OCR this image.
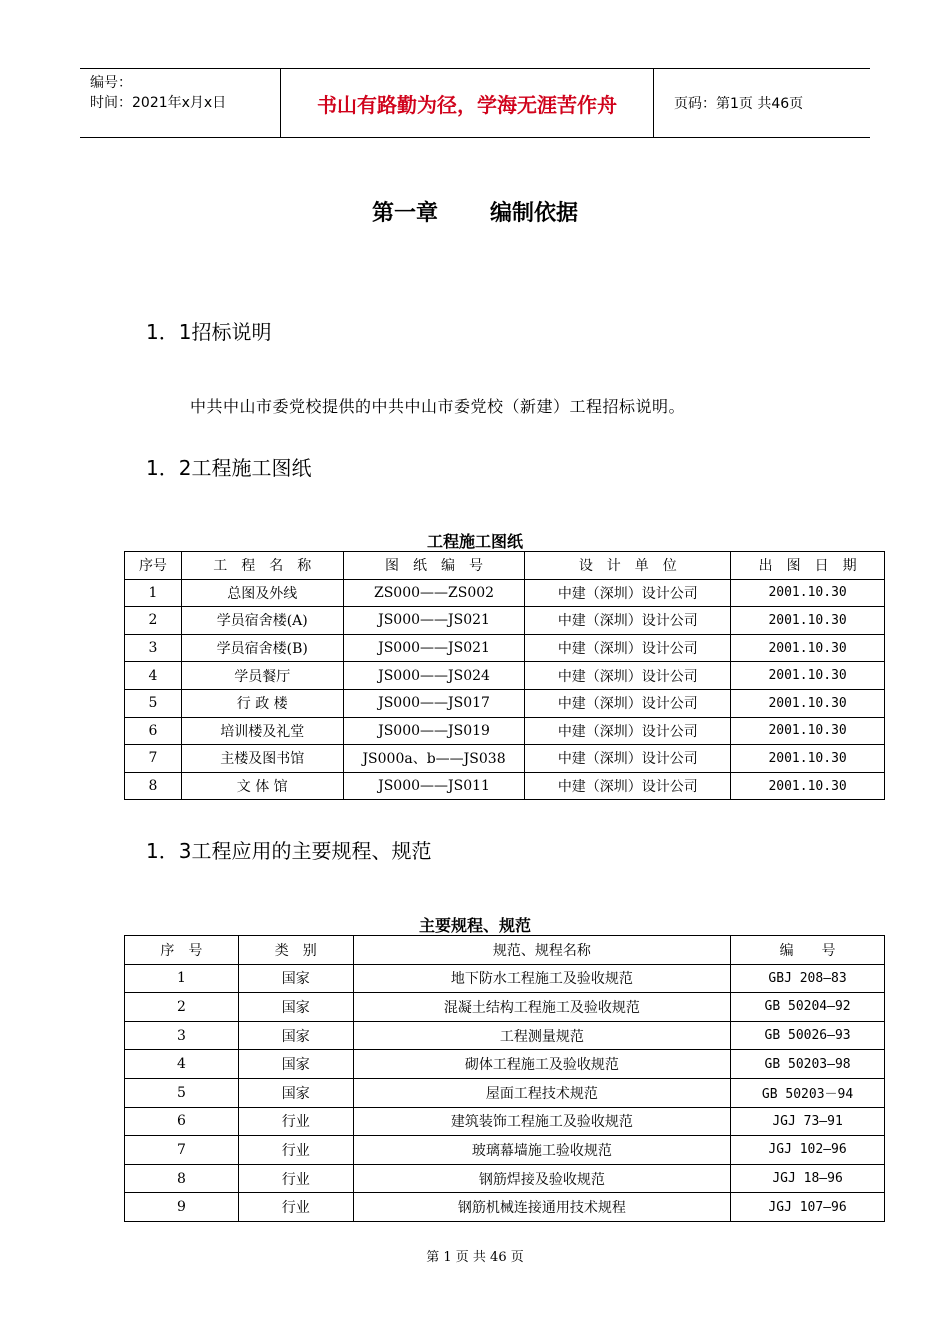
编号：
时间：2021年x月x日	书山有路勤为径，学海无涯苦作舟	页码：第1页 共46页
第一章 编制依据
1．1招标说明
中共中山市委党校提供的中共中山市委党校（新建）工程招标说明。
1．2工程施工图纸
工程施工图纸
序号	工　程　名　称	图　纸　编　号	设　计　单　位	出　图　日　期
1	总图及外线	ZS000——ZS002	中建（深圳）设计公司	2001.10.30
2	学员宿舍楼(A)	JS000——JS021	中建（深圳）设计公司	2001.10.30
3	学员宿舍楼(B)	JS000——JS021	中建（深圳）设计公司	2001.10.30
4	学员餐厅	JS000——JS024	中建（深圳）设计公司	2001.10.30
5	行 政 楼	JS000——JS017	中建（深圳）设计公司	2001.10.30
6	培训楼及礼堂	JS000——JS019	中建（深圳）设计公司	2001.10.30
7	主楼及图书馆	JS000a、b——JS038	中建（深圳）设计公司	2001.10.30
8	文 体 馆	JS000——JS011	中建（深圳）设计公司	2001.10.30
1．3工程应用的主要规程、规范
主要规程、规范
序　号	类　别	规范、规程名称	编　　号
1	国家	地下防水工程施工及验收规范	GBJ 208—83
2	国家	混凝土结构工程施工及验收规范	GB 50204—92
3	国家	工程测量规范	GB 50026—93
4	国家	砌体工程施工及验收规范	GB 50203—98
5	国家	屋面工程技术规范	GB 50203－94
6	行业	建筑装饰工程施工及验收规范	JGJ 73—91
7	行业	玻璃幕墙施工验收规范	JGJ 102—96
8	行业	钢筋焊接及验收规范	JGJ 18—96
9	行业	钢筋机械连接通用技术规程	JGJ 107—96
第 1 页 共 46 页
